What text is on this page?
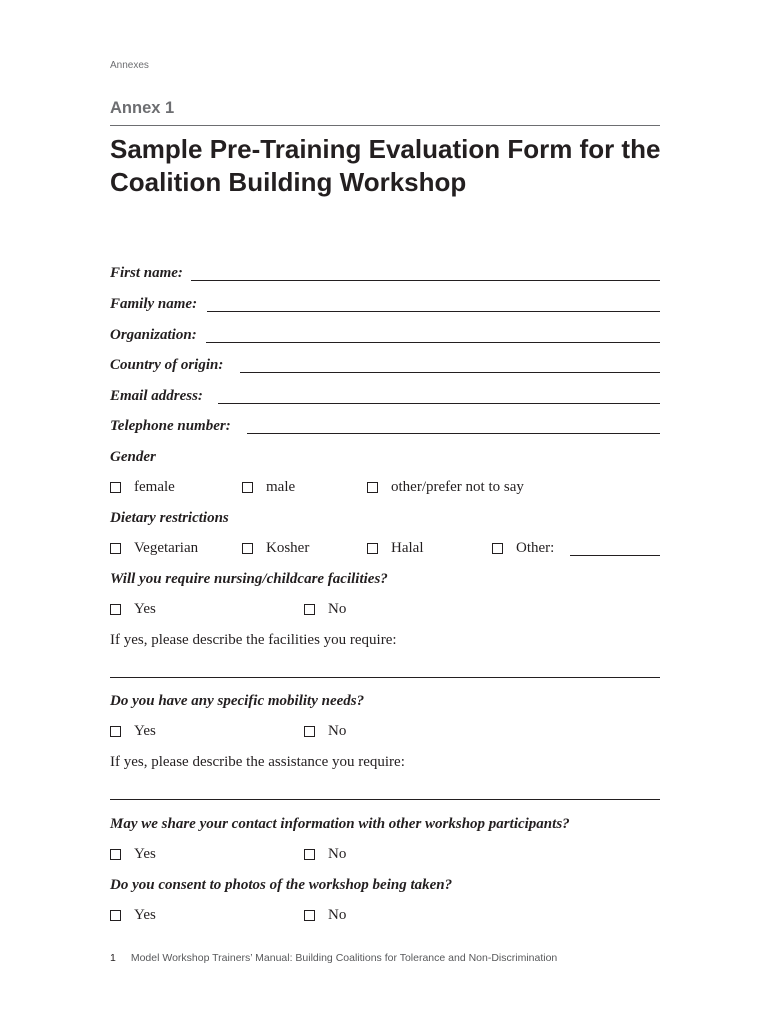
Annexes
Annex 1
Sample Pre-Training Evaluation Form for the Coalition Building Workshop
First name:
Family name:
Organization:
Country of origin:
Email address:
Telephone number:
Gender
female	male	other/prefer not to say
Dietary restrictions
Vegetarian	Kosher	Halal	Other:
Will you require nursing/childcare facilities?
Yes	No
If yes, please describe the facilities you require:
Do you have any specific mobility needs?
Yes	No
If yes, please describe the assistance you require:
May we share your contact information with other workshop participants?
Yes	No
Do you consent to photos of the workshop being taken?
Yes	No
1 Model Workshop Trainers’ Manual: Building Coalitions for Tolerance and Non-Discrimination
